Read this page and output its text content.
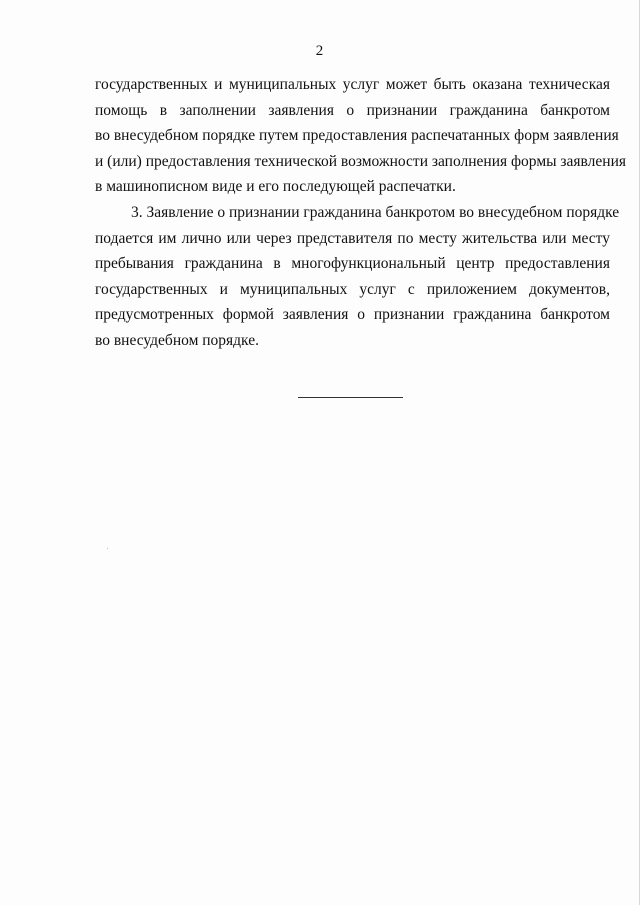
2
государственных и муниципальных услуг может быть оказана техническая
помощь в заполнении заявления о признании гражданина банкротом
во внесудебном порядке путем предоставления распечатанных форм заявления
и (или) предоставления технической возможности заполнения формы заявления
в машинописном виде и его последующей распечатки.
3. Заявление о признании гражданина банкротом во внесудебном порядке
подается им лично или через представителя по месту жительства или месту
пребывания гражданина в многофункциональный центр предоставления
государственных и муниципальных услуг с приложением документов,
предусмотренных формой заявления о признании гражданина банкротом
во внесудебном порядке.
